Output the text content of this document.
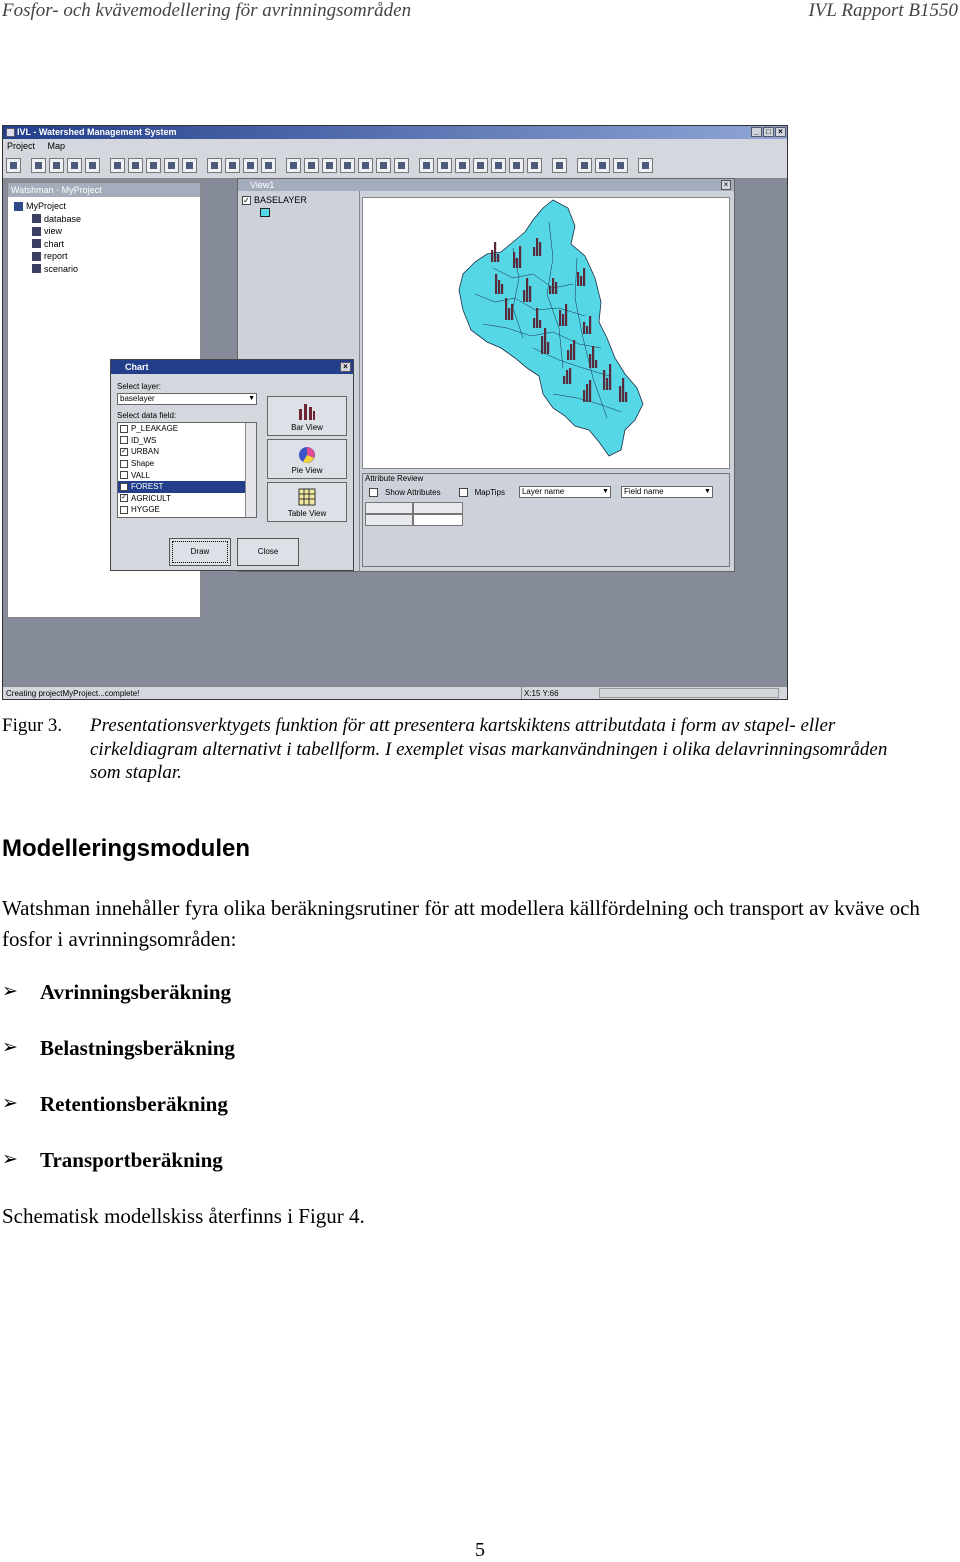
Fosfor- och kvävemodellering för avrinningsområden	IVL Rapport B1550
IVL - Watershed Management System	_ □ ×
Project Map
Watshman - MyProject
MyProject
database
view
chart
report
scenario
View1	×
✓ BASELAYER
Attribute Review
Show Attributes	MapTips	Layer name ▼	Field name ▼
Chart	×
Select layer:
baselayer ▼
Select data field:
P_LEAKAGE
ID_WS
✓ URBAN
Shape
VALL
✓ FOREST
✓ AGRICULT
HYGGE
Bar View
Pie View
Table View
Draw	Close
Creating projectMyProject...complete!	X:15 Y:66
Figur 3. Presentationsverktygets funktion för att presentera kartskiktens attributdata i form av stapel- eller cirkeldiagram alternativt i tabellform. I exemplet visas markanvändningen i olika delavrinningsområden som staplar.
Modelleringsmodulen

Watshman innehåller fyra olika beräkningsrutiner för att modellera källfördelning och transport av kväve och fosfor i avrinningsområden:

➢	Avrinningsberäkning
➢	Belastningsberäkning
➢	Retentionsberäkning
➢	Transportberäkning

Schematisk modellskiss återfinns i Figur 4.

5
